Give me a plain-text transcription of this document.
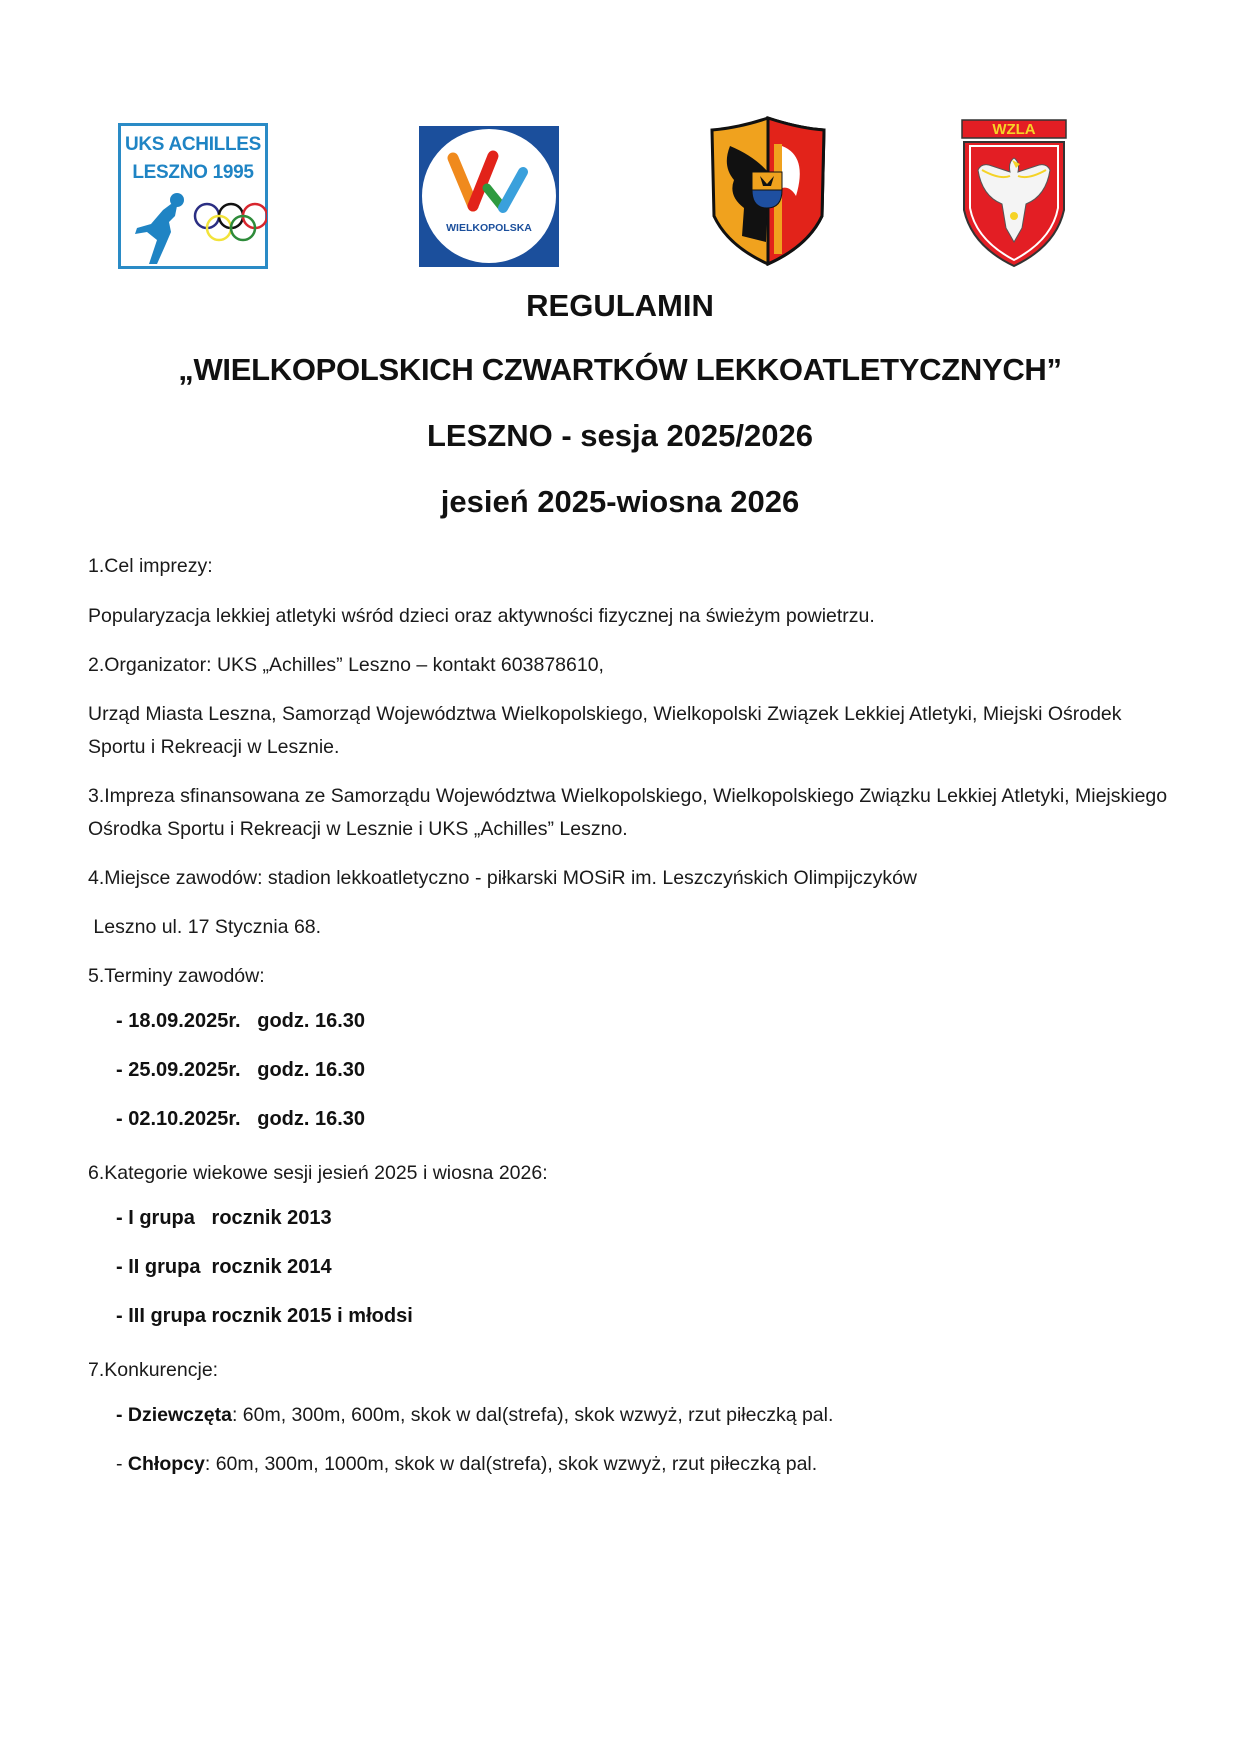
UKS ACHILLES
LESZNO 1995
WIELKOPOLSKA
WZLA
REGULAMIN
„WIELKOPOLSKICH CZWARTKÓW LEKKOATLETYCZNYCH”
LESZNO - sesja 2025/2026
jesień 2025-wiosna 2026
1.Cel imprezy:
Popularyzacja lekkiej atletyki wśród dzieci oraz aktywności fizycznej na świeżym powietrzu.
2.Organizator: UKS „Achilles” Leszno – kontakt 603878610,
Urząd Miasta Leszna, Samorząd Województwa Wielkopolskiego, Wielkopolski Związek Lekkiej Atletyki, Miejski Ośrodek Sportu i Rekreacji w Lesznie.
3.Impreza sfinansowana ze Samorządu Województwa Wielkopolskiego, Wielkopolskiego Związku Lekkiej Atletyki, Miejskiego Ośrodka Sportu i Rekreacji w Lesznie i UKS „Achilles” Leszno.
4.Miejsce zawodów: stadion lekkoatletyczno - piłkarski MOSiR im. Leszczyńskich Olimpijczyków
Leszno ul. 17 Stycznia 68.
5.Terminy zawodów:
- 18.09.2025r.   godz. 16.30
- 25.09.2025r.   godz. 16.30
- 02.10.2025r.   godz. 16.30
6.Kategorie wiekowe sesji jesień 2025 i wiosna 2026:
- I grupa   rocznik 2013
- II grupa  rocznik 2014
- III grupa rocznik 2015 i młodsi
7.Konkurencje:
- Dziewczęta: 60m, 300m, 600m, skok w dal(strefa), skok wzwyż, rzut piłeczką pal.
- Chłopcy: 60m, 300m, 1000m, skok w dal(strefa), skok wzwyż, rzut piłeczką pal.
